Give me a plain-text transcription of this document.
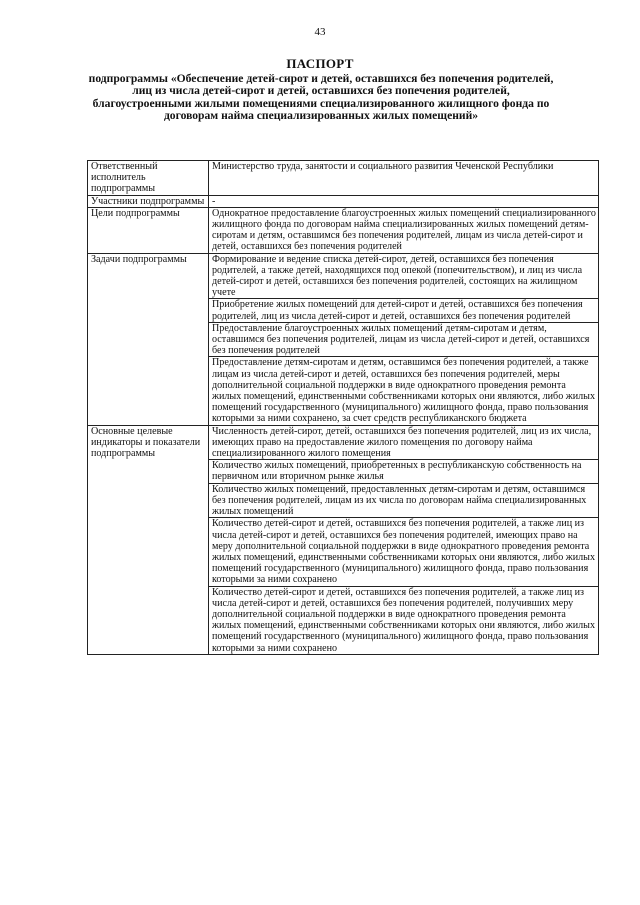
43
ПАСПОРТ
подпрограммы «Обеспечение детей-сирот и детей, оставшихся без попечения родителей, лиц из числа детей-сирот и детей, оставшихся без попечения родителей, благоустроенными жилыми помещениями специализированного жилищного фонда по договорам найма специализированных жилых помещений»
Ответственный исполнитель подпрограммы	Министерство труда, занятости и социального развития Чеченской Республики
Участники подпрограммы	-
Цели подпрограммы	Однократное предоставление благоустроенных жилых помещений специализированного жилищного фонда по договорам найма специализированных жилых помещений детям-сиротам и детям, оставшимся без попечения родителей, лицам из числа детей-сирот и детей, оставшихся без попечения родителей
Задачи подпрограммы	Формирование и ведение списка детей-сирот, детей, оставшихся без попечения родителей, а также детей, находящихся под опекой (попечительством), и лиц из числа детей-сирот и детей, оставшихся без попечения родителей, состоящих на жилищном учете
	Приобретение жилых помещений для детей-сирот и детей, оставшихся без попечения родителей, лиц из числа детей-сирот и детей, оставшихся без попечения родителей
	Предоставление благоустроенных жилых помещений детям-сиротам и детям, оставшимся без попечения родителей, лицам из числа детей-сирот и детей, оставшихся без попечения родителей
	Предоставление детям-сиротам и детям, оставшимся без попечения родителей, а также лицам из числа детей-сирот и детей, оставшихся без попечения родителей, меры дополнительной социальной поддержки в виде однократного проведения ремонта жилых помещений, единственными собственниками которых они являются, либо жилых помещений государственного (муниципального) жилищного фонда, право пользования которыми за ними сохранено, за счет средств республиканского бюджета
Основные целевые индикаторы и показатели подпрограммы	Численность детей-сирот, детей, оставшихся без попечения родителей, лиц из их числа, имеющих право на предоставление жилого помещения по договору найма специализированного жилого помещения
	Количество жилых помещений, приобретенных в республиканскую собственность на первичном или вторичном рынке жилья
	Количество жилых помещений, предоставленных детям-сиротам и детям, оставшимся без попечения родителей, лицам из их числа по договорам найма специализированных жилых помещений
	Количество детей-сирот и детей, оставшихся без попечения родителей, а также лиц из числа детей-сирот и детей, оставшихся без попечения родителей, имеющих право на меру дополнительной социальной поддержки в виде однократного проведения ремонта жилых помещений, единственными собственниками которых они являются, либо жилых помещений государственного (муниципального) жилищного фонда, право пользования которыми за ними сохранено
	Количество детей-сирот и детей, оставшихся без попечения родителей, а также лиц из числа детей-сирот и детей, оставшихся без попечения родителей, получивших меру дополнительной социальной поддержки в виде однократного проведения ремонта жилых помещений, единственными собственниками которых они являются, либо жилых помещений государственного (муниципального) жилищного фонда, право пользования которыми за ними сохранено
